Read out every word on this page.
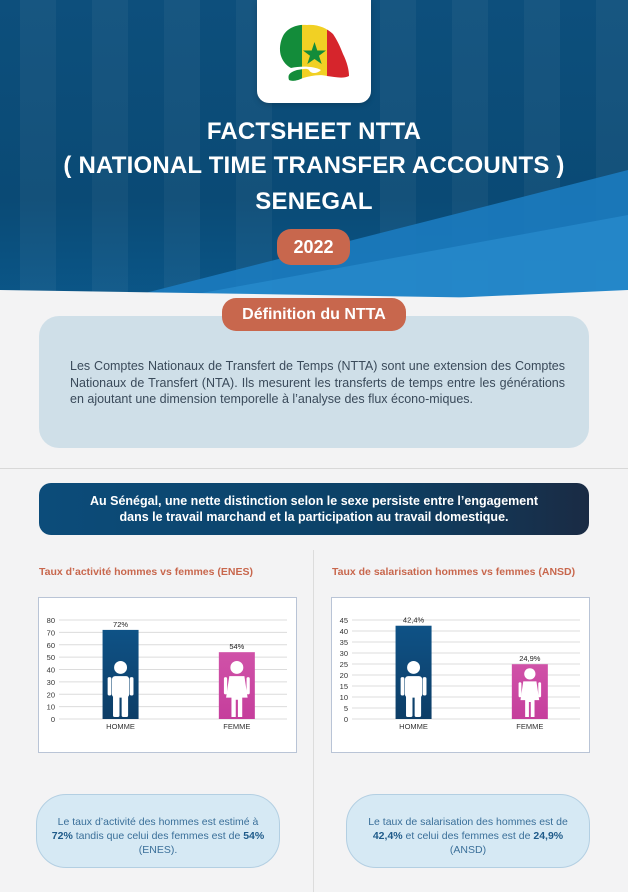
FACTSHEET NTTA
( NATIONAL TIME TRANSFER ACCOUNTS )
SENEGAL
2022
Définition du NTTA

Les Comptes Nationaux de Transfert de Temps (NTTA) sont une extension des Comptes Nationaux de Transfert (NTA). Ils mesurent les transferts de temps entre les générations en ajoutant une dimension temporelle à l’analyse des flux écono-miques.

Au Sénégal, une nette distinction selon le sexe persiste entre l’engagement
dans le travail marchand et la participation au travail domestique.
Taux d’activité hommes vs femmes (ENES)	Taux de salarisation hommes vs femmes (ANSD)
0
10
20
30
40
50
60
70
80	72%
HOMME
54%
FEMME
0
5
10
15
20
25
30
35
40
45	42,4%
HOMME
24,9%
FEMME
Le taux d’activité des hommes est estimé à 72% tandis que celui des femmes est de 54% (ENES).
Le taux de salarisation des hommes est de 42,4% et celui des femmes est de 24,9% (ANSD)
